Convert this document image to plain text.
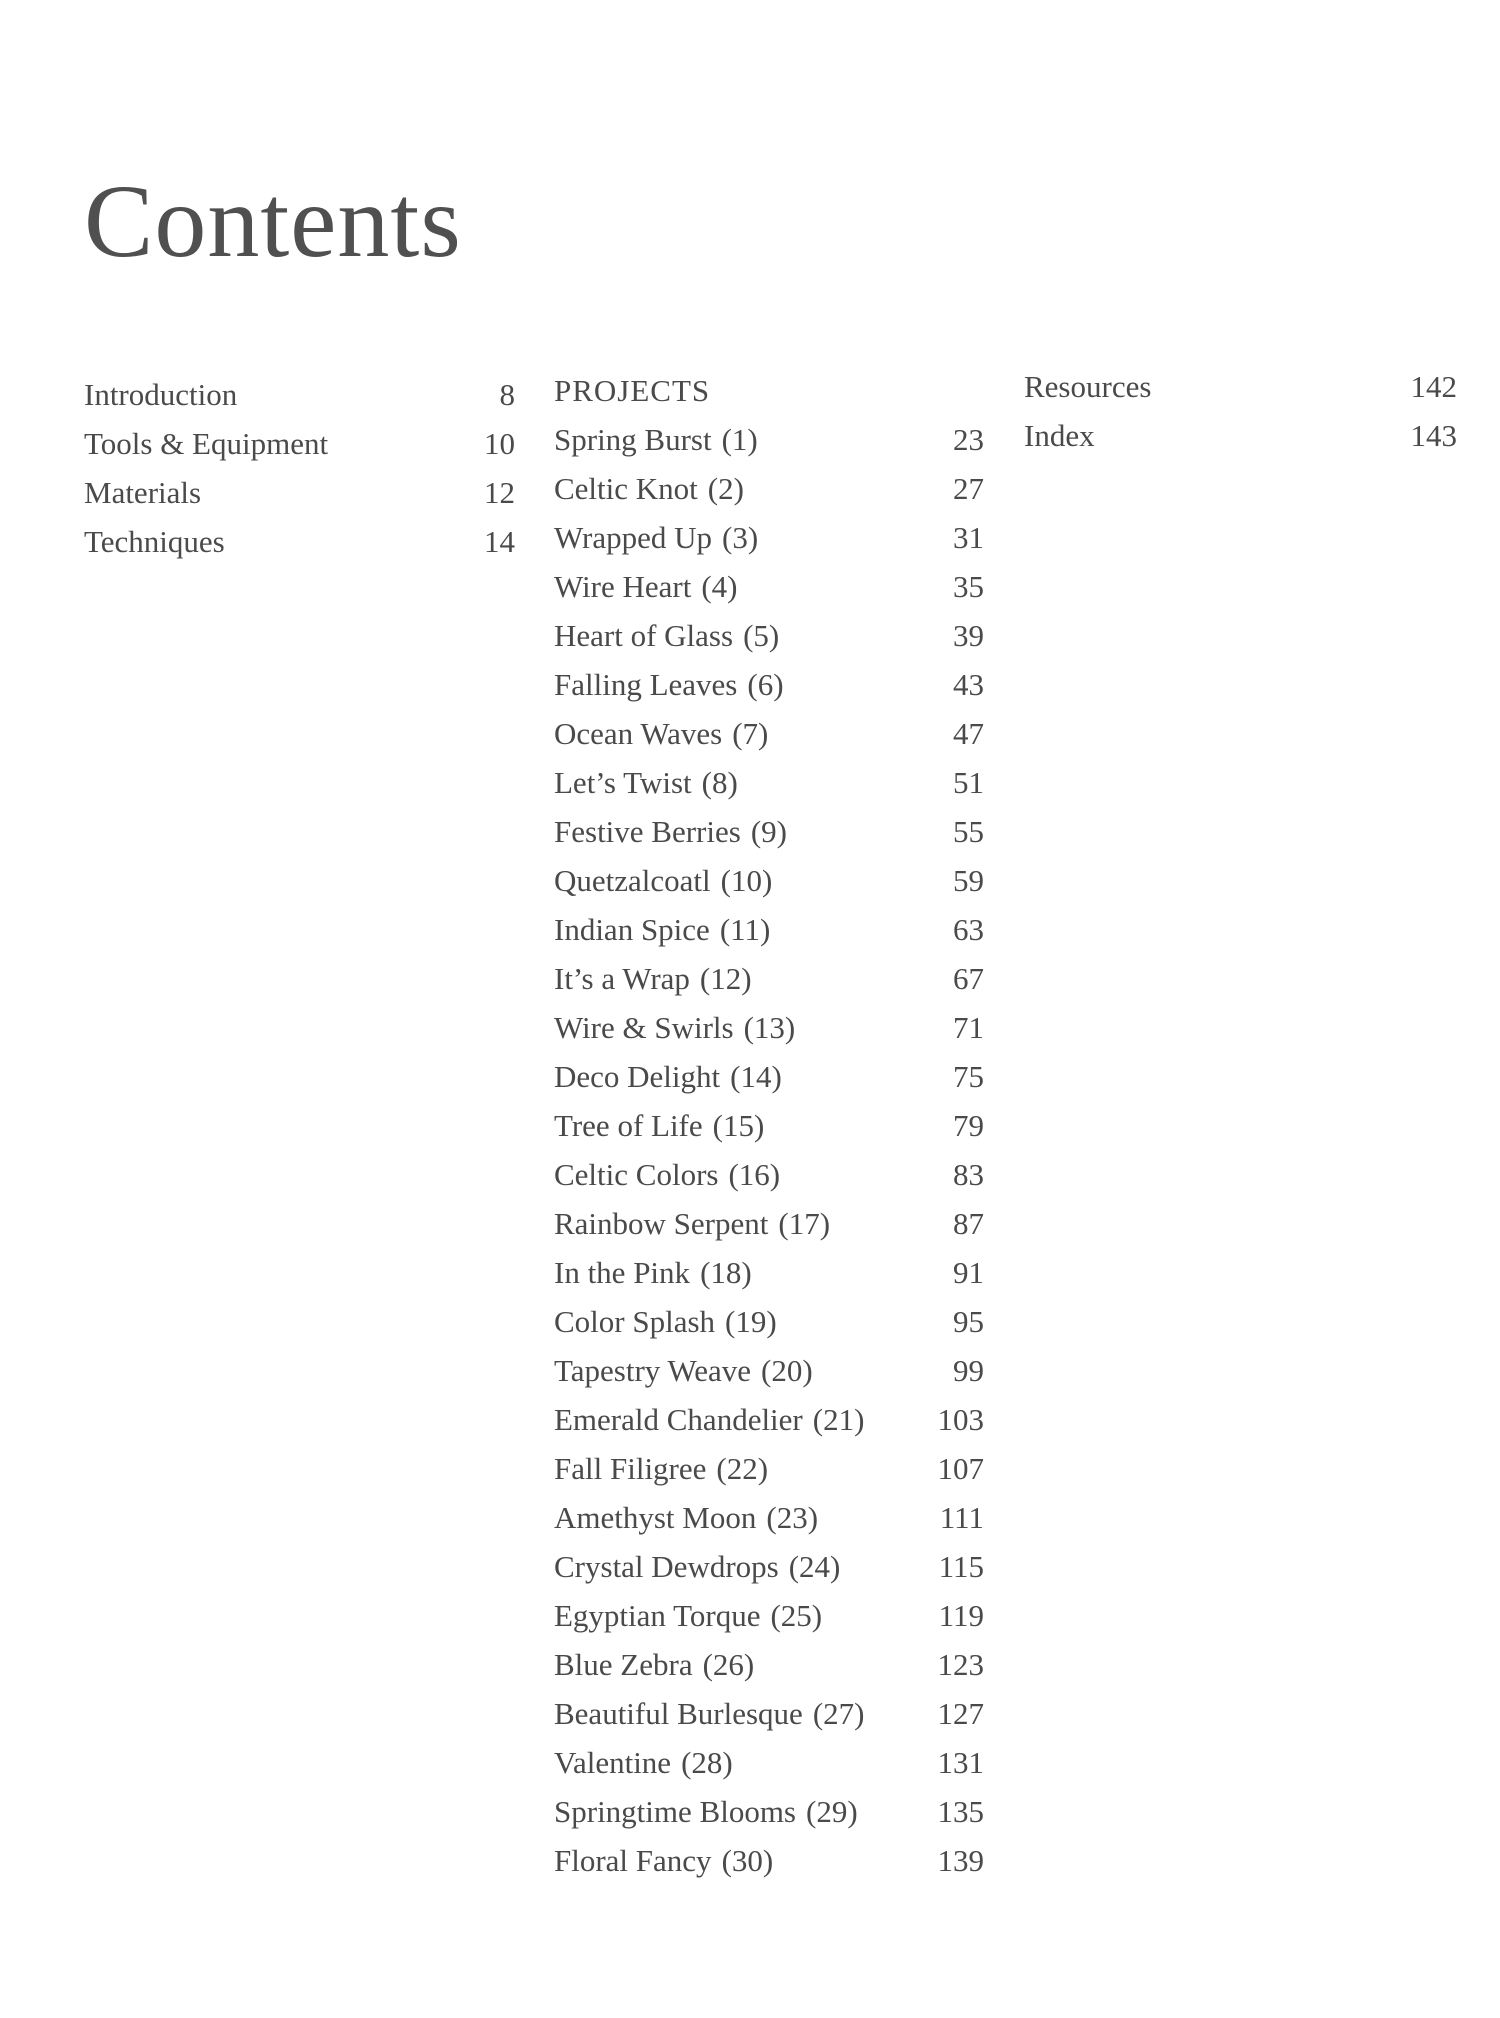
Contents
Introduction	8
Tools & Equipment	10
Materials	12
Techniques	14
PROJECTS
Spring Burst (1)	23
Celtic Knot (2)	27
Wrapped Up (3)	31
Wire Heart (4)	35
Heart of Glass (5)	39
Falling Leaves (6)	43
Ocean Waves (7)	47
Let’s Twist (8)	51
Festive Berries (9)	55
Quetzalcoatl (10)	59
Indian Spice (11)	63
It’s a Wrap (12)	67
Wire & Swirls (13)	71
Deco Delight (14)	75
Tree of Life (15)	79
Celtic Colors (16)	83
Rainbow Serpent (17)	87
In the Pink (18)	91
Color Splash (19)	95
Tapestry Weave (20)	99
Emerald Chandelier (21) 103
Fall Filigree (22)	107
Amethyst Moon (23)	111
Crystal Dewdrops (24)	115
Egyptian Torque (25)	119
Blue Zebra (26)	123
Beautiful Burlesque (27) 127
Valentine (28)	131
Springtime Blooms (29)	135
Floral Fancy (30)	139
Resources	142
Index	143
